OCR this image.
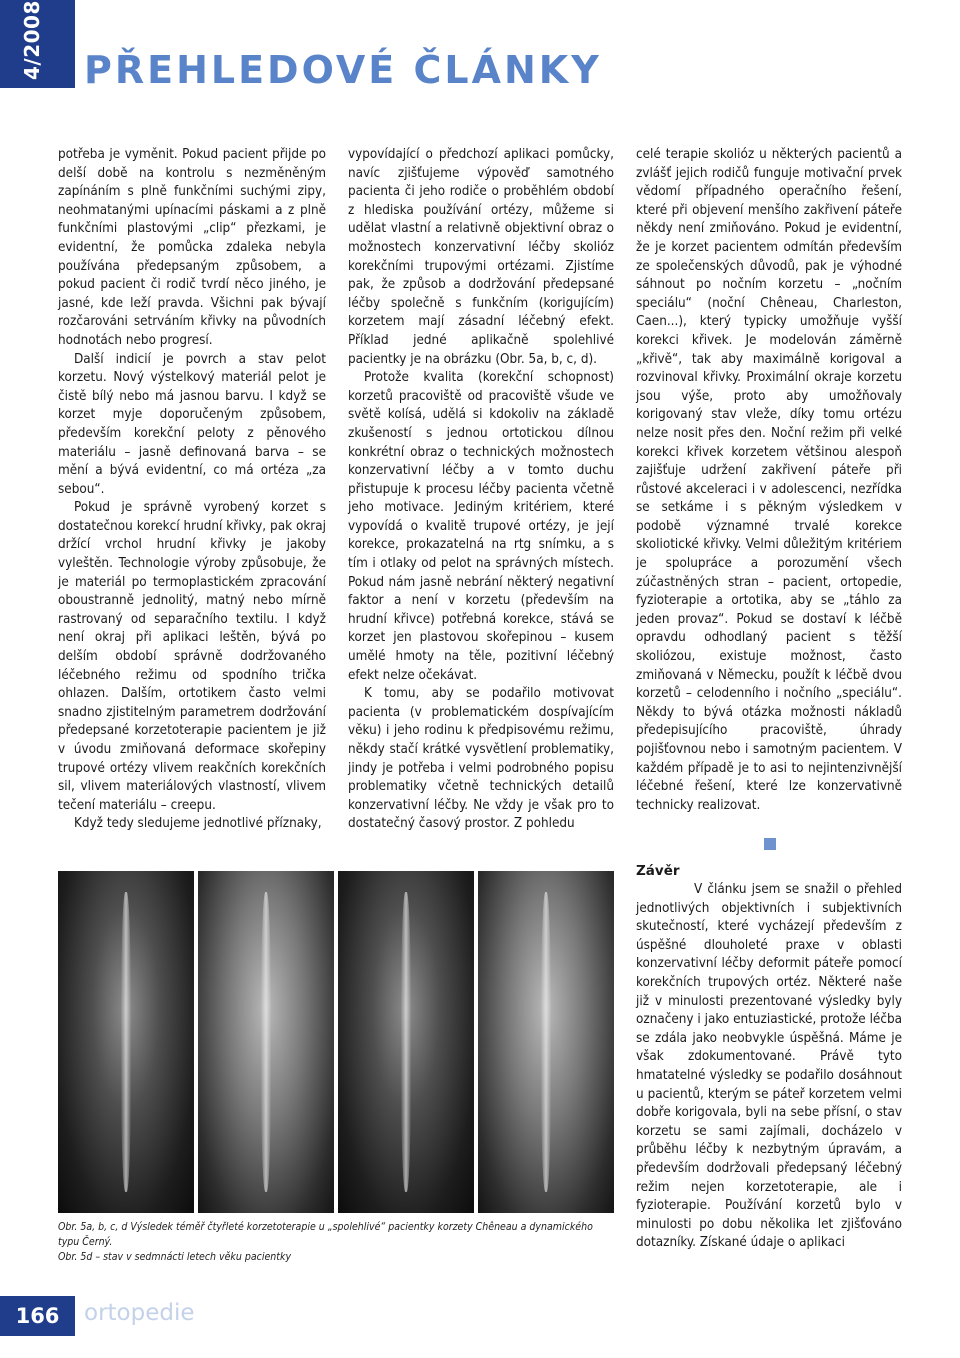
4/2008 PŘEHLEDOVÉ ČLÁNKY

potřeba je vyměnit. Pokud pacient přijde po delší době na kontrolu s nezměněným zapínáním s plně funkčními suchými zipy, neohmatanými upínacími páskami a z plně funkčními plastovými „clip“ přezkami, je evidentní, že pomůcka zdaleka nebyla používána předepsaným způsobem, a pokud pacient či rodič tvrdí něco jiného, je jasné, kde leží pravda. Všichni pak bývají rozčarováni setrváním křivky na původních hodnotách nebo progresí.

Další indicií je povrch a stav pelot korzetu. Nový výstelkový materiál pelot je čistě bílý nebo má jasnou barvu. I když se korzet myje doporučeným způsobem, především korekční peloty z pěnového materiálu – jasně definovaná barva – se mění a bývá evidentní, co má ortéza „za sebou“.

Pokud je správně vyrobený korzet s dostatečnou korekcí hrudní křivky, pak okraj držící vrchol hrudní křivky je jakoby vyleštěn. Technologie výroby způsobuje, že je materiál po termoplastickém zpracování oboustranně jednolitý, matný nebo mírně rastrovaný od separačního textilu. I když není okraj při aplikaci leštěn, bývá po delším období správně dodržovaného léčebného režimu od spodního trička ohlazen. Dalším, ortotikem často velmi snadno zjistitelným parametrem dodržování předepsané korzetoterapie pacientem je již v úvodu zmiňovaná deformace skořepiny trupové ortézy vlivem reakčních korekčních sil, vlivem materiálových vlastností, vlivem tečení materiálu – creepu.

Když tedy sledujeme jednotlivé příznaky,

vypovídající o předchozí aplikaci pomůcky, navíc zjišťujeme výpověď samotného pacienta či jeho rodiče o proběhlém období z hlediska používání ortézy, můžeme si udělat vlastní a relativně objektivní obraz o možnostech konzervativní léčby skolióz korekčními trupovými ortézami. Zjistíme pak, že způsob a dodržování předepsané léčby společně s funkčním (korigujícím) korzetem mají zásadní léčebný efekt. Příklad jedné aplikačně spolehlivé pacientky je na obrázku (Obr. 5a, b, c, d).

Protože kvalita (korekční schopnost) korzetů pracoviště od pracoviště všude ve světě kolísá, udělá si kdokoliv na základě zkušeností s jednou ortotickou dílnou konkrétní obraz o technických možnostech konzervativní léčby a v tomto duchu přistupuje k procesu léčby pacienta včetně jeho motivace. Jediným kritériem, které vypovídá o kvalitě trupové ortézy, je její korekce, prokazatelná na rtg snímku, a s tím i otlaky od pelot na správných místech. Pokud nám jasně nebrání některý negativní faktor a není v korzetu (především na hrudní křivce) potřebná korekce, stává se korzet jen plastovou skořepinou – kusem umělé hmoty na těle, pozitivní léčebný efekt nelze očekávat.

K tomu, aby se podařilo motivovat pacienta (v problematickém dospívajícím věku) i jeho rodinu k předpisovému režimu, někdy stačí krátké vysvětlení problematiky, jindy je potřeba i velmi podrobného popisu problematiky včetně technických detailů konzervativní léčby. Ne vždy je však pro to dostatečný časový prostor. Z pohledu

celé terapie skolióz u některých pacientů a zvlášť jejich rodičů funguje motivační prvek vědomí případného operačního řešení, které při objevení menšího zakřivení páteře někdy není zmiňováno. Pokud je evidentní, že je korzet pacientem odmítán především ze společenských důvodů, pak je výhodné sáhnout po nočním korzetu – „nočním speciálu“ (noční Chêneau, Charleston, Caen...), který typicky umožňuje vyšší korekci křivek. Je modelován záměrně „křivě“, tak aby maximálně korigoval a rozvinoval křivky. Proximální okraje korzetu jsou výše, proto aby umožňovaly korigovaný stav vleže, díky tomu ortézu nelze nosit přes den. Noční režim při velké korekci křivek korzetem většinou alespoň zajišťuje udržení zakřivení páteře při růstové akceleraci i v adolescenci, nezřídka se setkáme i s pěkným výsledkem v podobě významné trvalé korekce skoliotické křivky. Velmi důležitým kritériem je spolupráce a porozumění všech zúčastněných stran – pacient, ortopedie, fyzioterapie a ortotika, aby se „táhlo za jeden provaz“. Pokud se dostaví k léčbě opravdu odhodlaný pacient s těžší skoliózou, existuje možnost, často zmiňovaná v Německu, použít k léčbě dvou korzetů – celodenního i nočního „speciálu“. Někdy to bývá otázka možnosti nákladů předepisujícího pracoviště, úhrady pojišťovnou nebo i samotným pacientem. V každém případě je to asi to nejintenzivnější léčebné řešení, které lze konzervativně technicky realizovat.

Obr. 5a, b, c, d Výsledek téměř čtyřleté korzetoterapie u „spolehlivé“ pacientky korzety Chêneau a dynamického typu Černý.
Obr. 5d – stav v sedmnácti letech věku pacientky
Závěr

V článku jsem se snažil o přehled jednotlivých objektivních i subjektivních skutečností, které vycházejí především z úspěšné dlouholeté praxe v oblasti konzervativní léčby deformit páteře pomocí korekčních trupových ortéz. Některé naše již v minulosti prezentované výsledky byly označeny i jako entuziastické, protože léčba se zdála jako neobvykle úspěšná. Máme je však zdokumentované. Právě tyto hmatatelné výsledky se podařilo dosáhnout u pacientů, kterým se páteř korzetem velmi dobře korigovala, byli na sebe přísní, o stav korzetu se sami zajímali, docházelo v průběhu léčby k nezbytným úpravám, a především dodržovali předepsaný léčebný režim nejen korzetoterapie, ale i fyzioterapie. Používání korzetů bylo v minulosti po dobu několika let zjišťováno dotazníky. Získané údaje o aplikaci

166	ortopedie
